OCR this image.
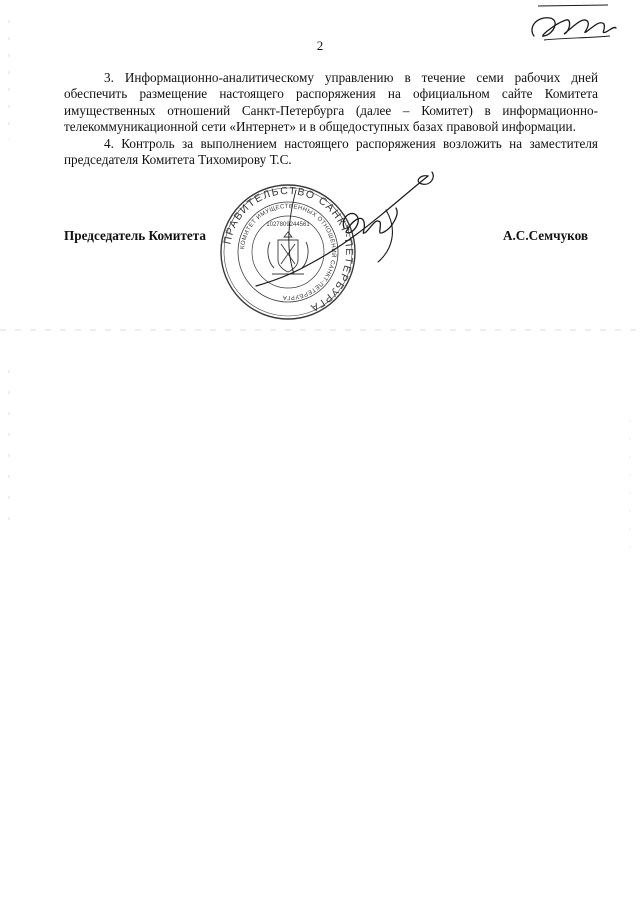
2

3. Информационно-аналитическому управлению в течение семи рабочих дней обеспечить размещение настоящего распоряжения на официальном сайте Комитета имущественных отношений Санкт-Петербурга (далее – Комитет) в информационно-телекоммуникационной сети «Интернет» и в общедоступных базах правовой информации.

4. Контроль за выполнением настоящего распоряжения возложить на заместителя председателя Комитета Тихомирову Т.С.

ПРАВИТЕЛЬСТВО САНКТ-ПЕТЕРБУРГА
КОМИТЕТ ИМУЩЕСТВЕННЫХ ОТНОШЕНИЙ САНКТ-ПЕТЕРБУРГА
1027809244561
Председатель Комитета	А.С.Семчуков
